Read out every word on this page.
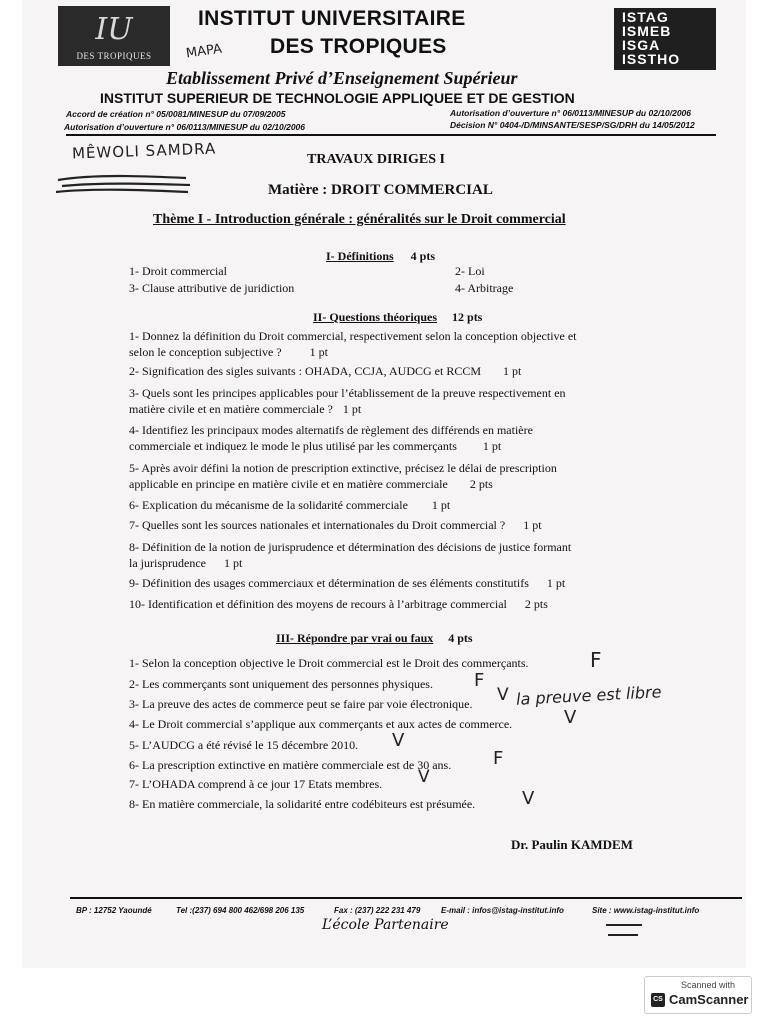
IU
DES TROPIQUES
INSTITUT UNIVERSITAIRE
DES TROPIQUES
ISTAG
ISMEB
ISGA
ISSTHO
MAPA
Etablissement Privé d’Enseignement Supérieur
INSTITUT SUPERIEUR DE TECHNOLOGIE APPLIQUEE ET DE GESTION
Accord de création n° 05/0081/MINESUP du 07/09/2005
Autorisation d’ouverture n° 06/0113/MINESUP du 02/10/2006
Autorisation d’ouverture n° 06/0113/MINESUP du 02/10/2006
Décision N° 0404-/D/MINSANTE/SESP/SG/DRH du 14/05/2012
MÊWOLI SAMDRA	TRAVAUX DIRIGES I
Matière : DROIT COMMERCIAL
Thème I - Introduction générale : généralités sur le Droit commercial
I- Définitions 4 pts
1- Droit commercial	2- Loi
3- Clause attributive de juridiction	4- Arbitrage
II- Questions théoriques 12 pts
1- Donnez la définition du Droit commercial, respectivement selon la conception objective et
selon le conception subjective ? 1 pt
2- Signification des sigles suivants : OHADA, CCJA, AUDCG et RCCM 1 pt
3- Quels sont les principes applicables pour l’établissement de la preuve respectivement en
matière civile et en matière commerciale ? 1 pt
4- Identifiez les principaux modes alternatifs de règlement des différends en matière
commerciale et indiquez le mode le plus utilisé par les commerçants 1 pt
5- Après avoir défini la notion de prescription extinctive, précisez le délai de prescription
applicable en principe en matière civile et en matière commerciale 2 pts
6- Explication du mécanisme de la solidarité commerciale 1 pt
7- Quelles sont les sources nationales et internationales du Droit commercial ? 1 pt
8- Définition de la notion de jurisprudence et détermination des décisions de justice formant
la jurisprudence 1 pt
9- Définition des usages commerciaux et détermination de ses éléments constitutifs 1 pt
10- Identification et définition des moyens de recours à l’arbitrage commercial 2 pts
III- Répondre par vrai ou faux 4 pts
1- Selon la conception objective le Droit commercial est le Droit des commerçants.	F
2- Les commerçants sont uniquement des personnes physiques. F
3- La preuve des actes de commerce peut se faire par voie électronique. V la preuve est libre
4- Le Droit commercial s’applique aux commerçants et aux actes de commerce.	V
5- L’AUDCG a été révisé le 15 décembre 2010. V
6- La prescription extinctive en matière commerciale est de 30 ans. F
7- L’OHADA comprend à ce jour 17 Etats membres. V
8- En matière commerciale, la solidarité entre codébiteurs est présumée.	V
Dr. Paulin KAMDEM
BP : 12752 Yaoundé	Tel :(237) 694 800 462/698 206 135	Fax : (237) 222 231 479	E-mail : infos@istag-institut.info	Site : www.istag-institut.info
L’école Partenaire
Scanned with
CS CamScanner
